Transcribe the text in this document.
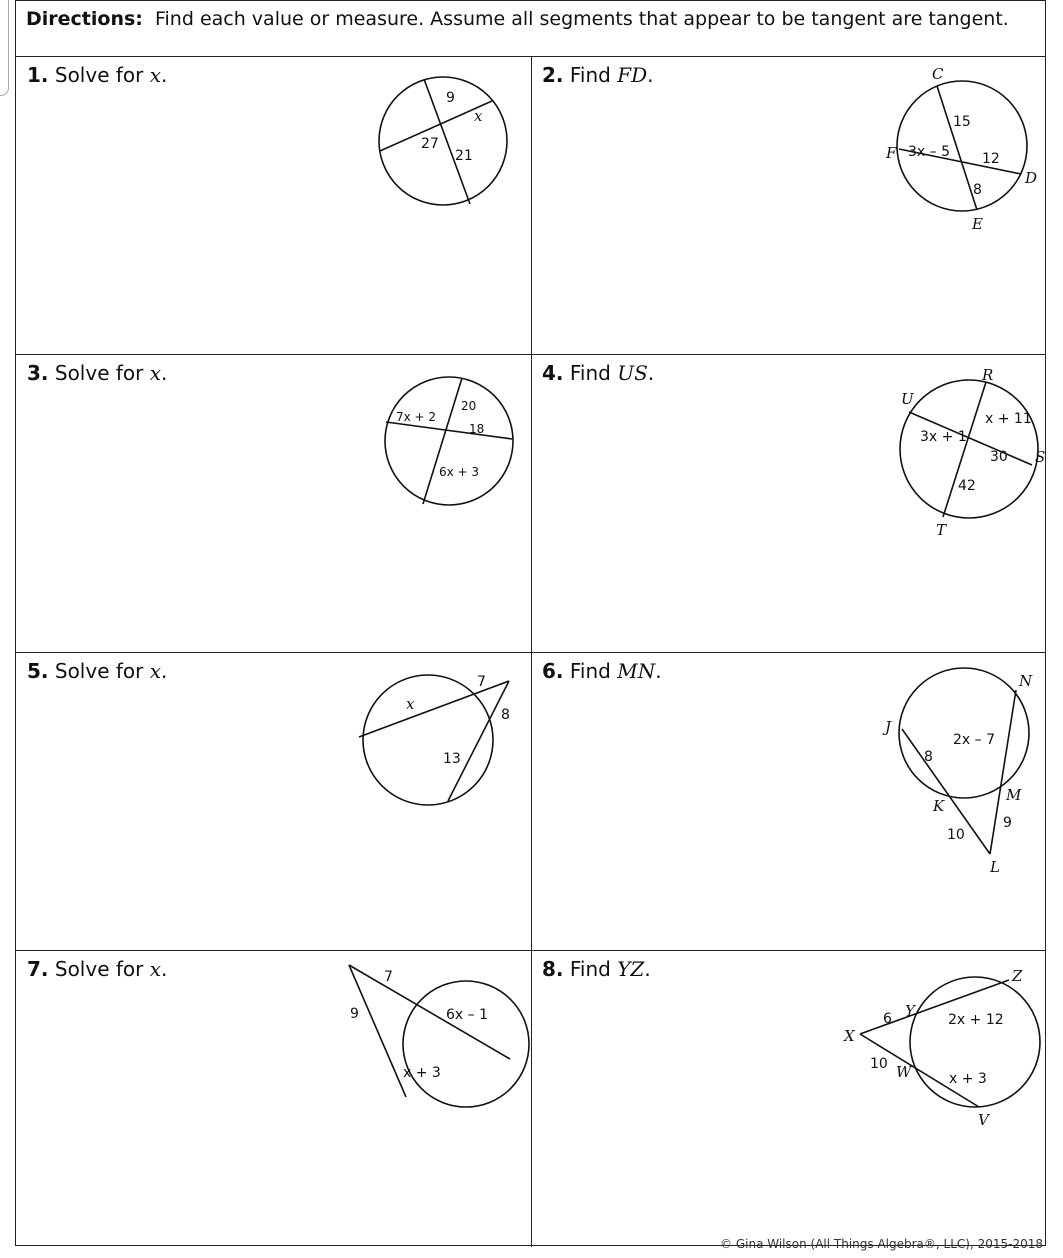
Directions: Find each value or measure. Assume all segments that appear to be tangent are tangent.
1. Solve for x.
9
x
27
21
2. Find FD.	C
15
F 3x – 5 12
D
8
E
3. Solve for x.
20
7x + 2
18
6x + 3
4. Find US.	R
U
x + 11
3x + 1
30 S
42
T
5. Solve for x.	7
x
8
13
6. Find MN.	N
J
2x – 7
8
M
K
9
10
L
7. Solve for x.	7
9	6x – 1
x + 3
8. Find YZ.	Z
6 Y
X
2x + 12
10 W	x + 3
V
© Gina Wilson (All Things Algebra®, LLC), 2015-2018
